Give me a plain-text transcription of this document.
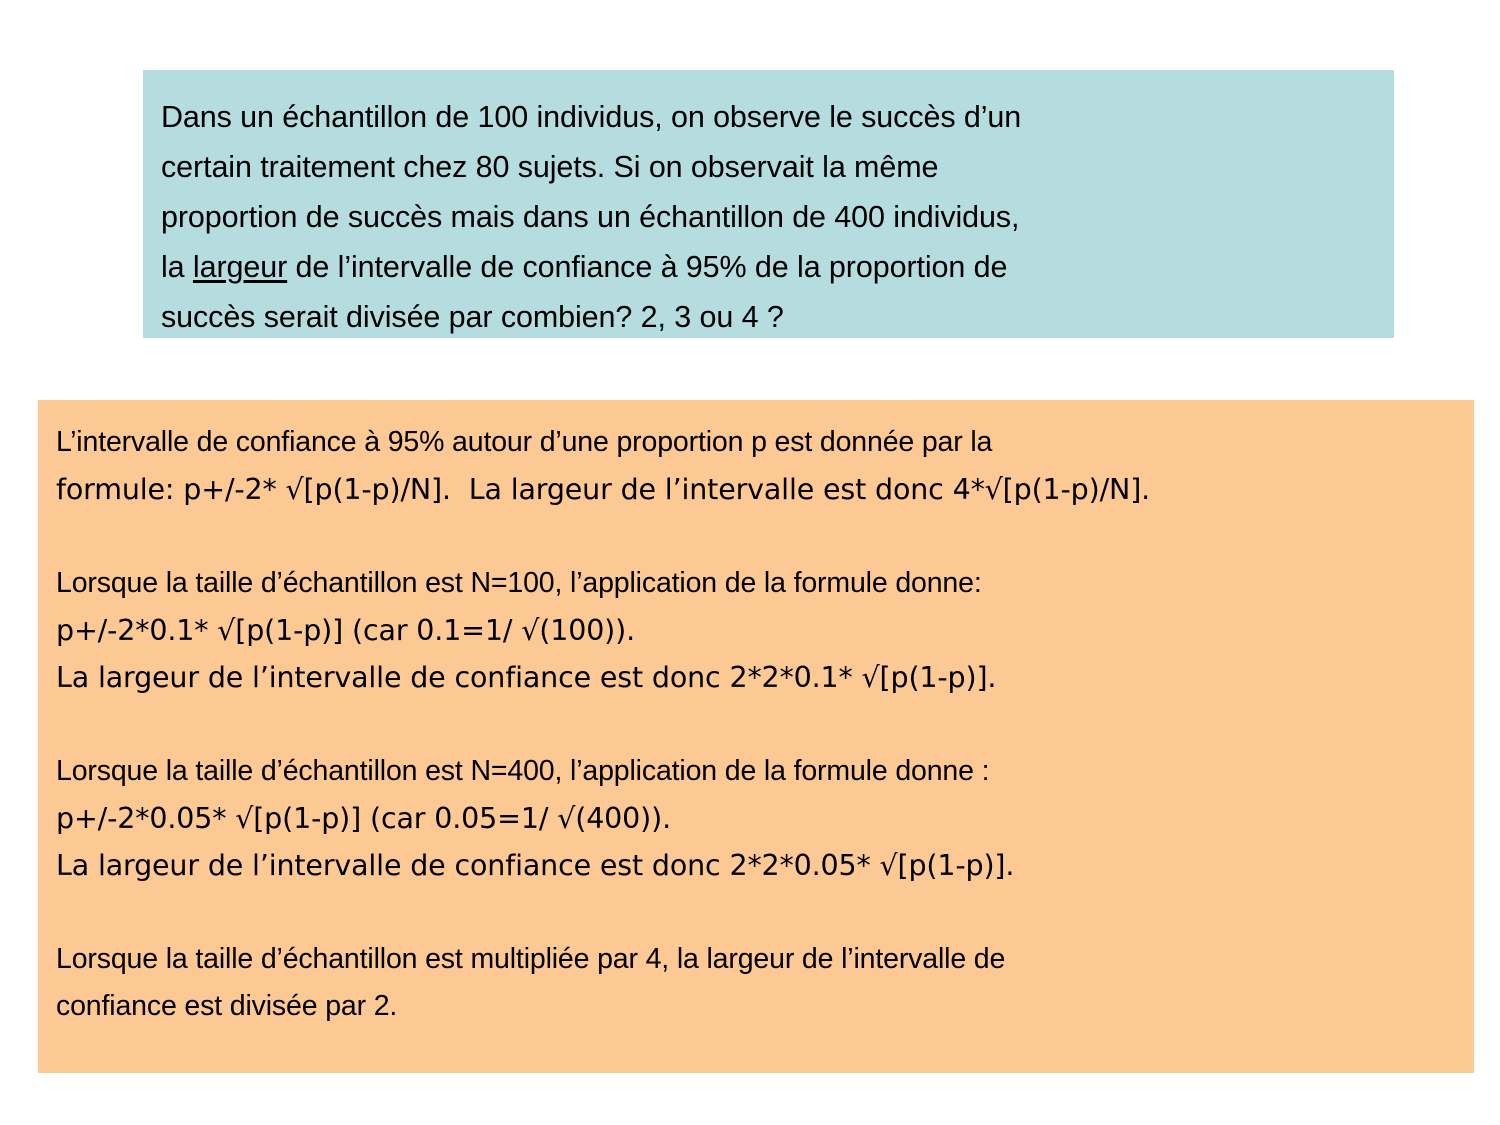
Dans un échantillon de 100 individus, on observe le succès d’un
certain traitement chez 80 sujets. Si on observait la même
proportion de succès mais dans un échantillon de 400 individus,
la largeur de l’intervalle de confiance à 95% de la proportion de
succès serait divisée par combien? 2, 3 ou 4 ?
L’intervalle de confiance à 95% autour d’une proportion p est donnée par la
formule: p+/-2* √[p(1-p)/N].  La largeur de l’intervalle est donc 4*√[p(1-p)/N].
Lorsque la taille d’échantillon est N=100, l’application de la formule donne:
p+/-2*0.1* √[p(1-p)] (car 0.1=1/ √(100)).
La largeur de l’intervalle de confiance est donc 2*2*0.1* √[p(1-p)].
Lorsque la taille d’échantillon est N=400, l’application de la formule donne :
p+/-2*0.05* √[p(1-p)] (car 0.05=1/ √(400)).
La largeur de l’intervalle de confiance est donc 2*2*0.05* √[p(1-p)].
Lorsque la taille d’échantillon est multipliée par 4, la largeur de l’intervalle de
confiance est divisée par 2.
